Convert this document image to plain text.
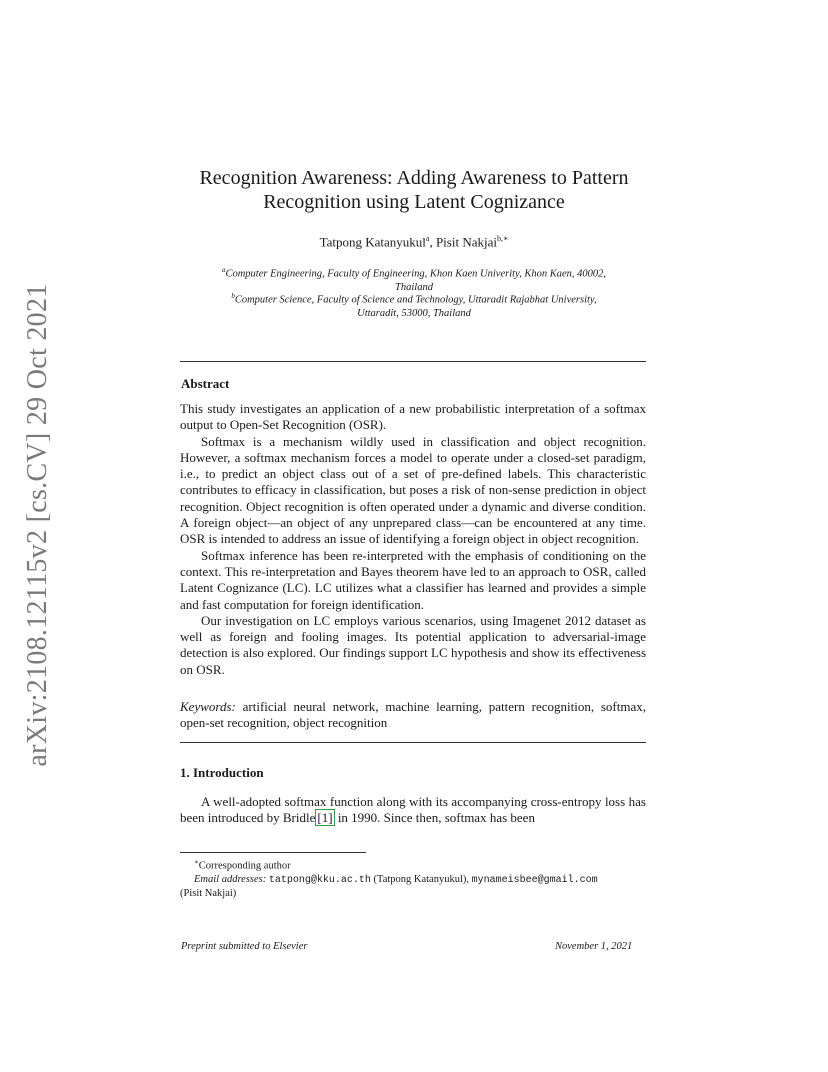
arXiv:2108.12115v2 [cs.CV] 29 Oct 2021
Recognition Awareness: Adding Awareness to Pattern
Recognition using Latent Cognizance
Tatpong Katanyukul$^a$, Pisit Nakjai$^{b,∗}$
$^a$Computer Engineering, Faculty of Engineering, Khon Kaen Univerity, Khon Kaen, 40002,
Thailand
$^b$Computer Science, Faculty of Science and Technology, Uttaradit Rajabhat University,
Uttaradit, 53000, Thailand
Abstract

This study investigates an application of a new probabilistic interpretation of a softmax output to Open-Set Recognition (OSR).

Softmax is a mechanism wildly used in classification and object recognition. However, a softmax mechanism forces a model to operate under a closed-set paradigm, i.e., to predict an object class out of a set of pre-defined labels. This characteristic contributes to efficacy in classification, but poses a risk of non-sense prediction in object recognition. Object recognition is often operated under a dynamic and diverse condition. A foreign object—an object of any unprepared class—can be encountered at any time. OSR is intended to address an issue of identifying a foreign object in object recognition.

Softmax inference has been re-interpreted with the emphasis of conditioning on the context. This re-interpretation and Bayes theorem have led to an approach to OSR, called Latent Cognizance (LC). LC utilizes what a classifier has learned and provides a simple and fast computation for foreign identification.

Our investigation on LC employs various scenarios, using Imagenet 2012 dataset as well as foreign and fooling images. Its potential application to adversarial-image detection is also explored. Our findings support LC hypothesis and show its effectiveness on OSR.

Keywords: artificial neural network, machine learning, pattern recognition, softmax, open-set recognition, object recognition
1. Introduction

A well-adopted softmax function along with its accompanying cross-entropy loss has been introduced by Bridle [1] in 1990. Since then, softmax has been

∗Corresponding author
Email addresses: tatpong@kku.ac.th (Tatpong Katanyukul), mynameisbee@gmail.com
(Pisit Nakjai)
Preprint submitted to Elsevier	November 1, 2021
